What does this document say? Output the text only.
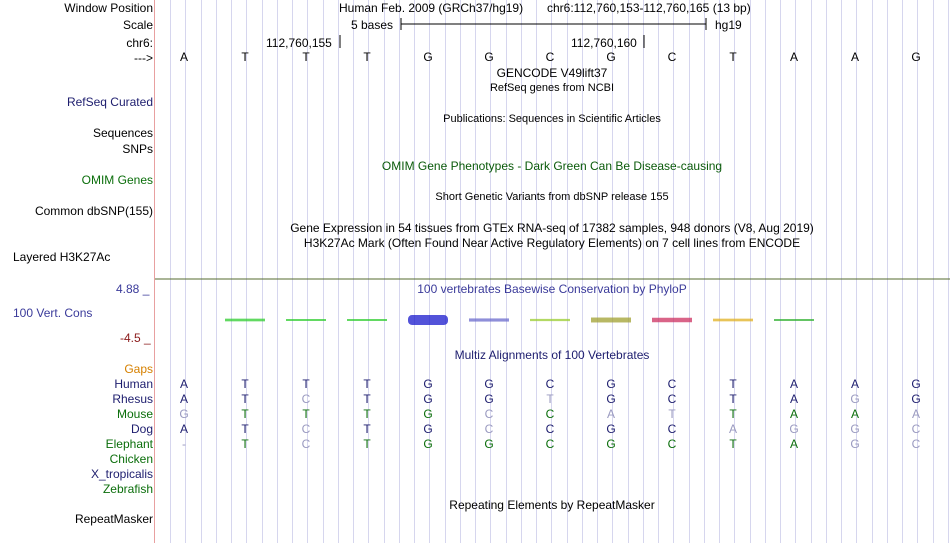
Window Position
Scale
chr6:
--->
Human Feb. 2009 (GRCh37/hg19) chr6:112,760,153-112,760,165 (13 bp)
5 bases	hg19
112,760,155	112,760,160
A	T	T	T	G	G	C	G	C	T	A	A	G
GENCODE V49lift37
RefSeq genes from NCBI
Publications: Sequences in Scientific Articles
OMIM Gene Phenotypes - Dark Green Can Be Disease-causing
Short Genetic Variants from dbSNP release 155
Gene Expression in 54 tissues from GTEx RNA-seq of 17382 samples, 948 donors (V8, Aug 2019)
H3K27Ac Mark (Often Found Near Active Regulatory Elements) on 7 cell lines from ENCODE
100 vertebrates Basewise Conservation by PhyloP
Multiz Alignments of 100 Vertebrates
Repeating Elements by RepeatMasker
RefSeq Curated
Sequences
SNPs
OMIM Genes
Common dbSNP(155)
Layered H3K27Ac
4.88 _
100 Vert. Cons
-4.5 _
Gaps
RepeatMasker
Human A	T	T	T	G	G	C	G	C	T	A	A	G
Rhesus A	T	C	T	G	G	T	G	C	T	A	G	G
Mouse G	T	T	T	G	C	C	A	T	T	A	A	A
Dog A	T	C	T	G	C	C	G	C	A	G	G	C
Elephant -	T	C	T	G	G	C	G	C	T	A	G	C
Chicken
X_tropicalis
Zebrafish
